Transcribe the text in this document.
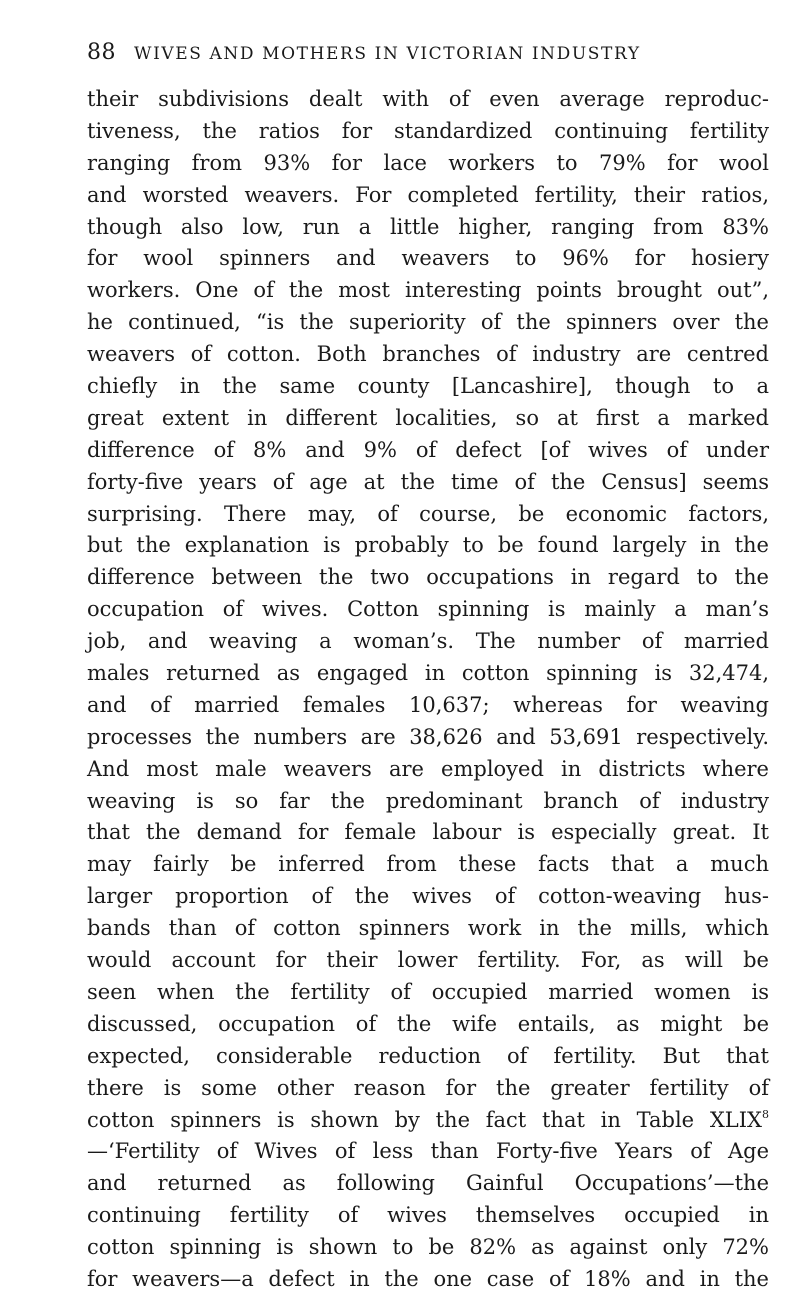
88 WIVES AND MOTHERS IN VICTORIAN INDUSTRY
their subdivisions dealt with of even average reproduc-
tiveness, the ratios for standardized continuing fertility
ranging from 93% for lace workers to 79% for wool
and worsted weavers. For completed fertility, their ratios,
though also low, run a little higher, ranging from 83%
for wool spinners and weavers to 96% for hosiery
workers. One of the most interesting points brought out”,
he continued, “is the superiority of the spinners over the
weavers of cotton. Both branches of industry are centred
chiefly in the same county [Lancashire], though to a
great extent in different localities, so at first a marked
difference of 8% and 9% of defect [of wives of under
forty-five years of age at the time of the Census] seems
surprising. There may, of course, be economic factors,
but the explanation is probably to be found largely in the
difference between the two occupations in regard to the
occupation of wives. Cotton spinning is mainly a man’s
job, and weaving a woman’s. The number of married
males returned as engaged in cotton spinning is 32,474,
and of married females 10,637; whereas for weaving
processes the numbers are 38,626 and 53,691 respectively.
And most male weavers are employed in districts where
weaving is so far the predominant branch of industry
that the demand for female labour is especially great. It
may fairly be inferred from these facts that a much
larger proportion of the wives of cotton-weaving hus-
bands than of cotton spinners work in the mills, which
would account for their lower fertility. For, as will be
seen when the fertility of occupied married women is
discussed, occupation of the wife entails, as might be
expected, considerable reduction of fertility. But that
there is some other reason for the greater fertility of
cotton spinners is shown by the fact that in Table XLIX$^8$
—‘Fertility of Wives of less than Forty-five Years of Age
and returned as following Gainful Occupations’—the
continuing fertility of wives themselves occupied in
cotton spinning is shown to be 82% as against only 72%
for weavers—a defect in the one case of 18% and in the
